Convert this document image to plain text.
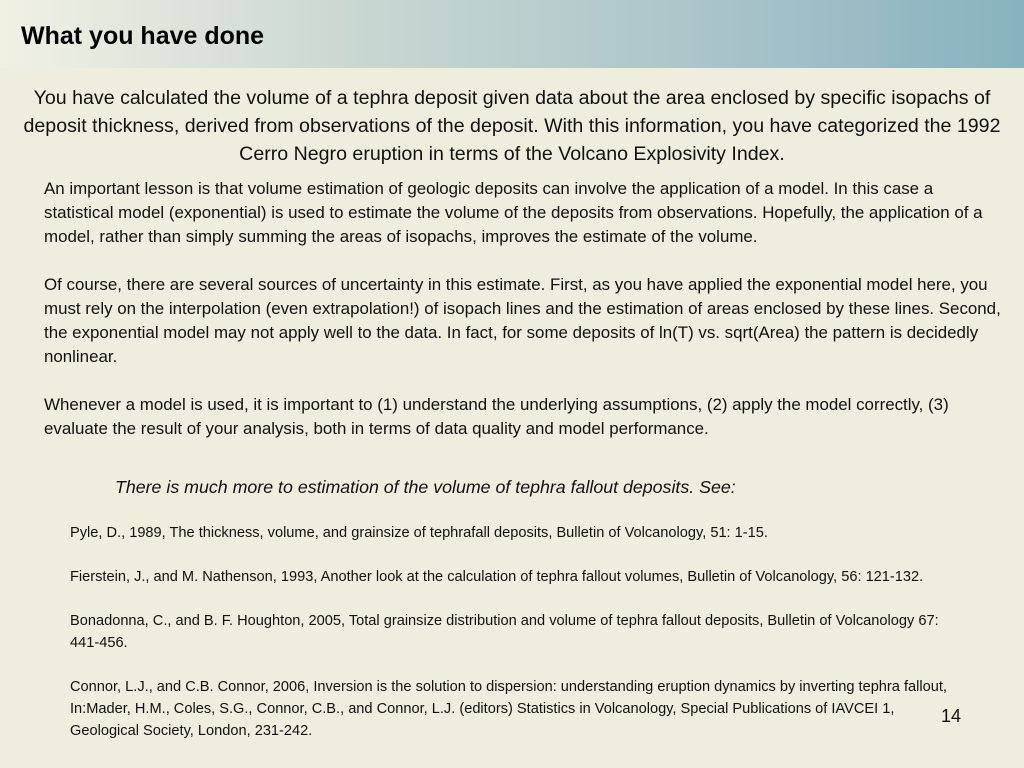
What you have done

You have calculated the volume of a tephra deposit given data about the area enclosed by specific isopachs of deposit thickness, derived from observations of the deposit. With this information, you have categorized the 1992 Cerro Negro eruption in terms of the Volcano Explosivity Index.

An important lesson is that volume estimation of geologic deposits can involve the application of a model. In this case a statistical model (exponential) is used to estimate the volume of the deposits from observations. Hopefully, the application of a model, rather than simply summing the areas of isopachs, improves the estimate of the volume.

Of course, there are several sources of uncertainty in this estimate. First, as you have applied the exponential model here, you must rely on the interpolation (even extrapolation!) of isopach lines and the estimation of areas enclosed by these lines. Second, the exponential model may not apply well to the data. In fact, for some deposits of ln(T) vs. sqrt(Area) the pattern is decidedly nonlinear.

Whenever a model is used, it is important to (1) understand the underlying assumptions, (2) apply the model correctly, (3) evaluate the result of your analysis, both in terms of data quality and model performance.

There is much more to estimation of the volume of tephra fallout deposits. See:

Pyle, D., 1989, The thickness, volume, and grainsize of tephrafall deposits, Bulletin of Volcanology, 51: 1-15.

Fierstein, J., and M. Nathenson, 1993, Another look at the calculation of tephra fallout volumes, Bulletin of Volcanology, 56: 121-132.

Bonadonna, C., and B. F. Houghton, 2005, Total grainsize distribution and volume of tephra fallout deposits, Bulletin of Volcanology 67: 441-456.

Connor, L.J., and C.B. Connor, 2006, Inversion is the solution to dispersion: understanding eruption dynamics by inverting tephra fallout, In:Mader, H.M., Coles, S.G., Connor, C.B., and Connor, L.J. (editors) Statistics in Volcanology, Special Publications of IAVCEI 1, Geological Society, London, 231-242.

14
